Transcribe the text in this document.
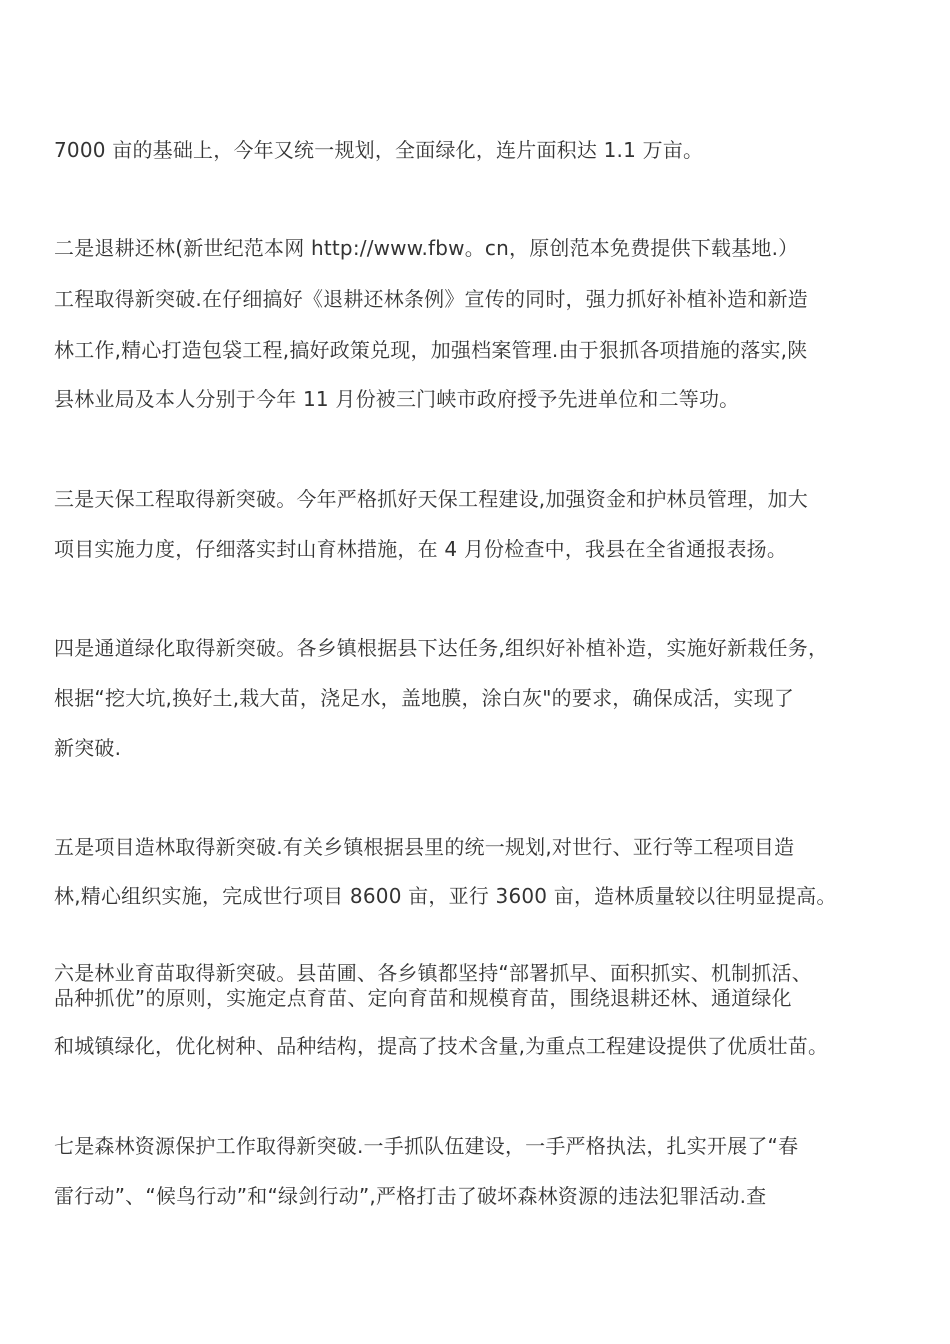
7000 亩的基础上，今年又统一规划，全面绿化，连片面积达 1.1 万亩。
二是退耕还林(新世纪范本网 http://www.fbw。cn，原创范本免费提供下载基地.）
工程取得新突破.在仔细搞好《退耕还林条例》宣传的同时，强力抓好补植补造和新造
林工作,精心打造包袋工程,搞好政策兑现，加强档案管理.由于狠抓各项措施的落实,陕
县林业局及本人分别于今年 11 月份被三门峡市政府授予先进单位和二等功。
三是天保工程取得新突破。今年严格抓好天保工程建设,加强资金和护林员管理，加大
项目实施力度，仔细落实封山育林措施，在 4 月份检查中，我县在全省通报表扬。
四是通道绿化取得新突破。各乡镇根据县下达任务,组织好补植补造，实施好新栽任务，
根据“挖大坑,换好土,栽大苗，浇足水，盖地膜，涂白灰"的要求，确保成活，实现了
新突破.
五是项目造林取得新突破.有关乡镇根据县里的统一规划,对世行、亚行等工程项目造
林,精心组织实施，完成世行项目 8600 亩，亚行 3600 亩，造林质量较以往明显提高。
六是林业育苗取得新突破。县苗圃、各乡镇都坚持“部署抓早、面积抓实、机制抓活、
品种抓优”的原则，实施定点育苗、定向育苗和规模育苗，围绕退耕还林、通道绿化
和城镇绿化，优化树种、品种结构，提高了技术含量,为重点工程建设提供了优质壮苗。
七是森林资源保护工作取得新突破.一手抓队伍建设，一手严格执法，扎实开展了“春
雷行动”、“候鸟行动”和“绿剑行动”,严格打击了破坏森林资源的违法犯罪活动.查
